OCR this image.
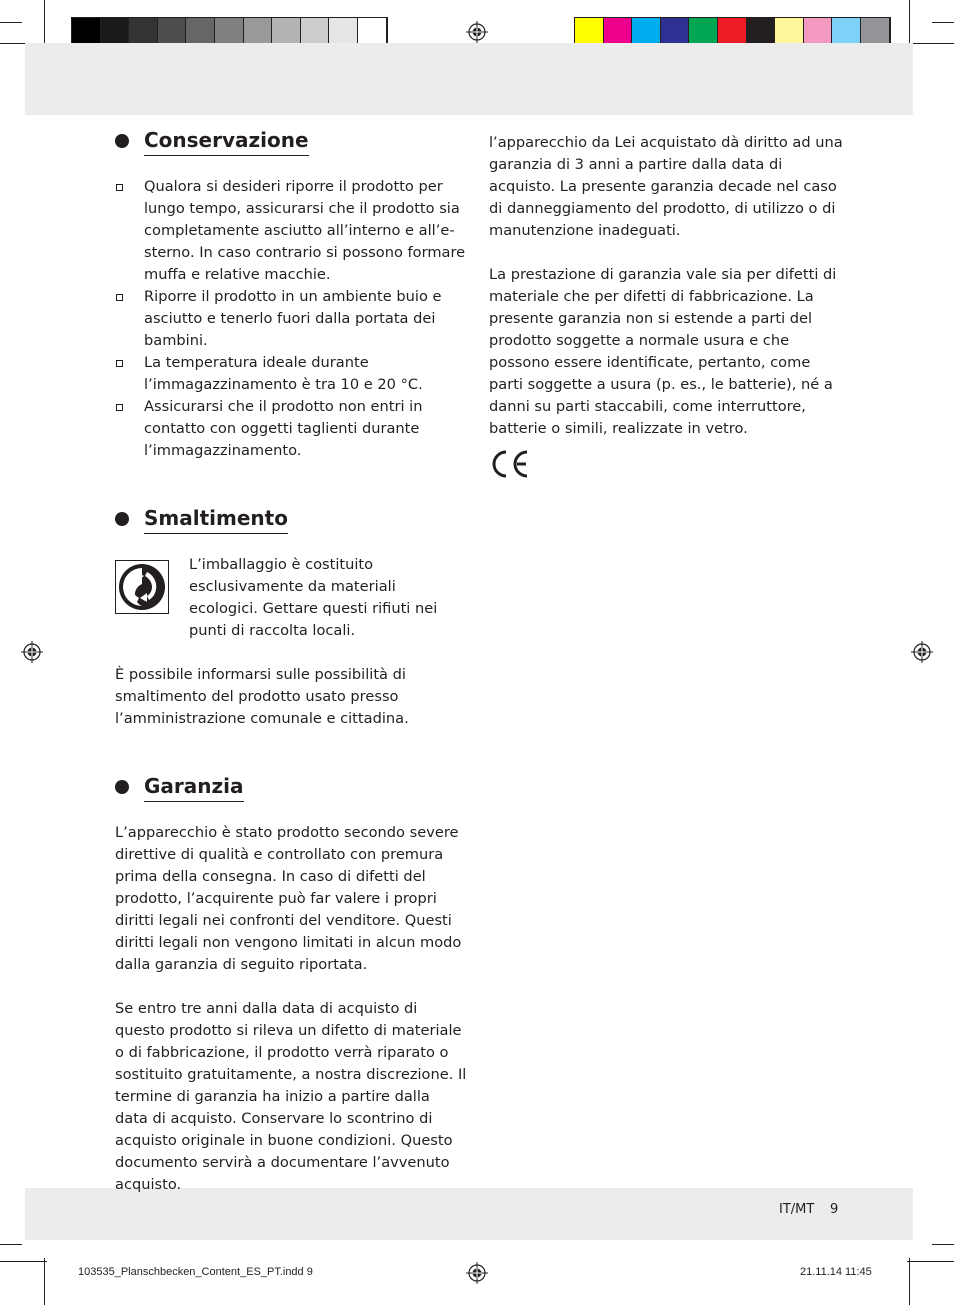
Conservazione
Qualora si desideri riporre il prodotto per lungo tempo, assicurarsi che il prodotto sia completamente asciutto all’interno e all’esterno. In caso contrario si possono formare muffa e relative macchie.
Riporre il prodotto in un ambiente buio e asciutto e tenerlo fuori dalla portata dei bambini.
La temperatura ideale durante l’immagazzinamento è tra 10 e 20 °C.
Assicurarsi che il prodotto non entri in contatto con oggetti taglienti durante l’immagazzinamento.
Smaltimento

L’imballaggio è costituito esclusivamente da materiali ecologici. Gettare questi rifiuti nei punti di raccolta locali.

È possibile informarsi sulle possibilità di smaltimento del prodotto usato presso l’amministrazione comunale e cittadina.

Garanzia

L’apparecchio è stato prodotto secondo severe direttive di qualità e controllato con premura prima della consegna. In caso di difetti del prodotto, l’acquirente può far valere i propri diritti legali nei confronti del venditore. Questi diritti legali non vengono limitati in alcun modo dalla garanzia di seguito riportata.

Se entro tre anni dalla data di acquisto di questo prodotto si rileva un difetto di materiale o di fabbricazione, il prodotto verrà riparato o sostituito gratuitamente, a nostra discrezione. Il termine di garanzia ha inizio a partire dalla data di acquisto. Conservare lo scontrino di acquisto originale in buone condizioni. Questo documento servirà a documentare l’avvenuto acquisto.

l’apparecchio da Lei acquistato dà diritto ad una garanzia di 3 anni a partire dalla data di acquisto. La presente garanzia decade nel caso di danneggiamento del prodotto, di utilizzo o di manutenzione inadeguati.

La prestazione di garanzia vale sia per difetti di materiale che per difetti di fabbricazione. La presente garanzia non si estende a parti del prodotto soggette a normale usura e che possono essere identificate, pertanto, come parti soggette a usura (p. es., le batterie), né a danni su parti staccabili, come interruttore, batterie o simili, realizzate in vetro.

IT/MT 9
103535_Planschbecken_Content_ES_PT.indd 9	21.11.14 11:45
